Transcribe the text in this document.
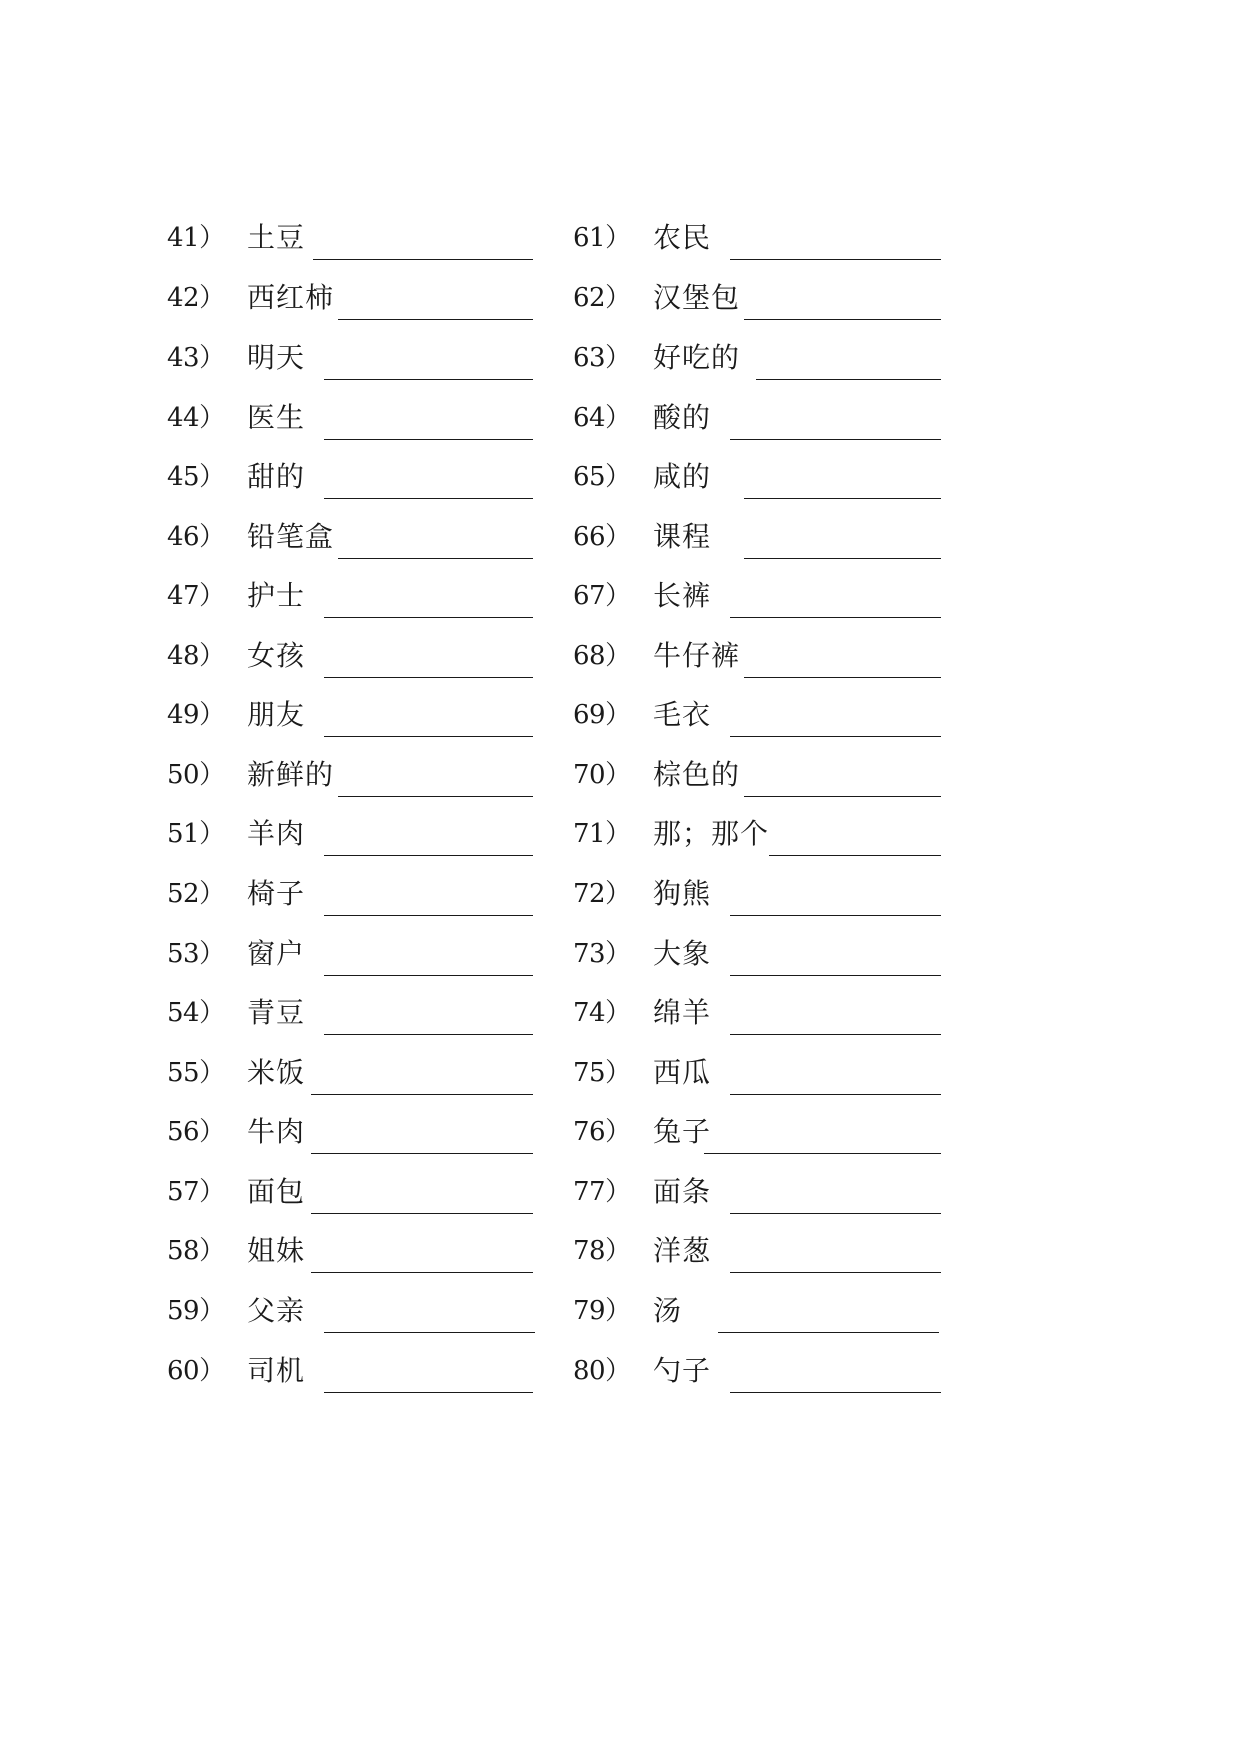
41） 土豆
42） 西红柿
43） 明天
44） 医生
45） 甜的
46） 铅笔盒
47） 护士
48） 女孩
49） 朋友
50） 新鲜的
51） 羊肉
52） 椅子
53） 窗户
54） 青豆
55） 米饭
56） 牛肉
57） 面包
58） 姐妹
59） 父亲
60） 司机
61） 农民
62） 汉堡包
63） 好吃的
64） 酸的
65） 咸的
66） 课程
67） 长裤
68） 牛仔裤
69） 毛衣
70） 棕色的
71） 那；那个
72） 狗熊
73） 大象
74） 绵羊
75） 西瓜
76） 兔子
77） 面条
78） 洋葱
79） 汤
80） 勺子
